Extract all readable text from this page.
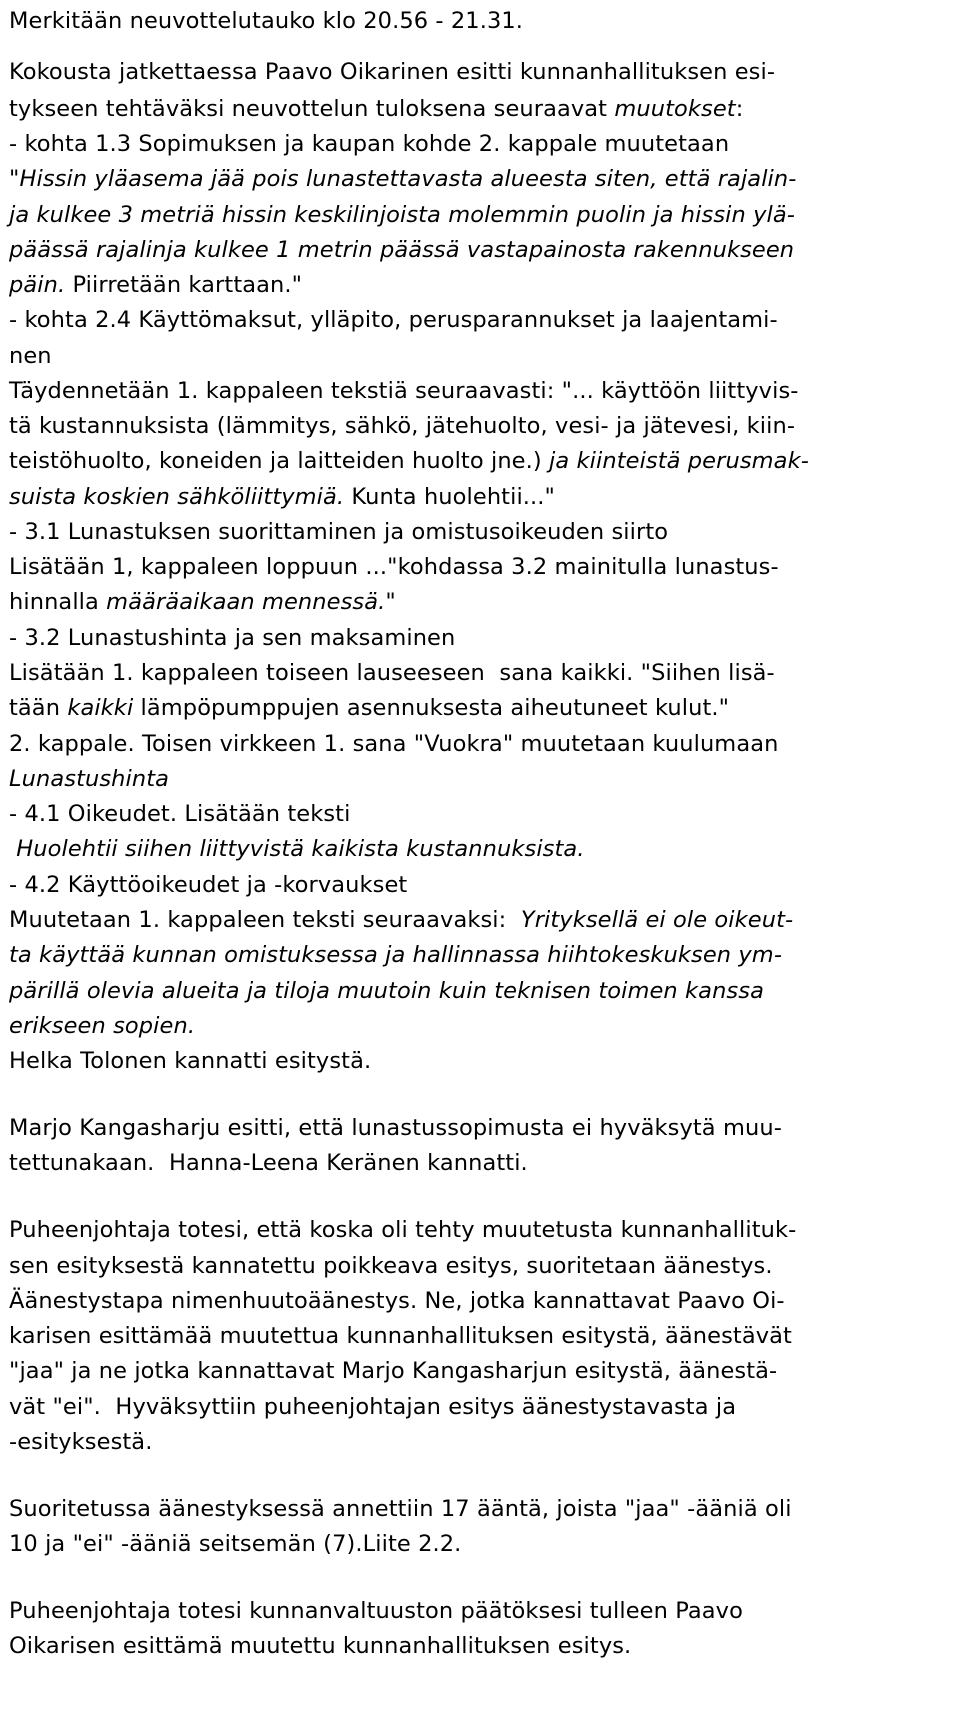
Merkitään neuvottelutauko klo 20.56 - 21.31.
Kokousta jatkettaessa Paavo Oikarinen esitti kunnanhallituksen esi-
tykseen tehtäväksi neuvottelun tuloksena seuraavat muutokset:
- kohta 1.3 Sopimuksen ja kaupan kohde 2. kappale muutetaan
"Hissin yläasema jää pois lunastettavasta alueesta siten, että rajalin-
ja kulkee 3 metriä hissin keskilinjoista molemmin puolin ja hissin ylä-
päässä rajalinja kulkee 1 metrin päässä vastapainosta rakennukseen
päin. Piirretään karttaan."
- kohta 2.4 Käyttömaksut, ylläpito, perusparannukset ja laajentami-
nen
Täydennetään 1. kappaleen tekstiä seuraavasti: "... käyttöön liittyvis-
tä kustannuksista (lämmitys, sähkö, jätehuolto, vesi- ja jätevesi, kiin-
teistöhuolto, koneiden ja laitteiden huolto jne.) ja kiinteistä perusmak-
suista koskien sähköliittymiä. Kunta huolehtii..."
- 3.1 Lunastuksen suorittaminen ja omistusoikeuden siirto
Lisätään 1, kappaleen loppuun ..."kohdassa 3.2 mainitulla lunastus-
hinnalla määräaikaan mennessä."
- 3.2 Lunastushinta ja sen maksaminen
Lisätään 1. kappaleen toiseen lauseeseen  sana kaikki. "Siihen lisä-
tään kaikki lämpöpumppujen asennuksesta aiheutuneet kulut."
2. kappale. Toisen virkkeen 1. sana "Vuokra" muutetaan kuulumaan
Lunastushinta
- 4.1 Oikeudet. Lisätään teksti
Huolehtii siihen liittyvistä kaikista kustannuksista.
- 4.2 Käyttöoikeudet ja -korvaukset
Muutetaan 1. kappaleen teksti seuraavaksi:  Yrityksellä ei ole oikeut-
ta käyttää kunnan omistuksessa ja hallinnassa hiihtokeskuksen ym-
pärillä olevia alueita ja tiloja muutoin kuin teknisen toimen kanssa
erikseen sopien.
Helka Tolonen kannatti esitystä.
Marjo Kangasharju esitti, että lunastussopimusta ei hyväksytä muu-
tettunakaan.  Hanna-Leena Keränen kannatti.
Puheenjohtaja totesi, että koska oli tehty muutetusta kunnanhallituk-
sen esityksestä kannatettu poikkeava esitys, suoritetaan äänestys.
Äänestystapa nimenhuutoäänestys. Ne, jotka kannattavat Paavo Oi-
karisen esittämää muutettua kunnanhallituksen esitystä, äänestävät
"jaa" ja ne jotka kannattavat Marjo Kangasharjun esitystä, äänestä-
vät "ei".  Hyväksyttiin puheenjohtajan esitys äänestystavasta ja
-esityksestä.
Suoritetussa äänestyksessä annettiin 17 ääntä, joista "jaa" -ääniä oli
10 ja "ei" -ääniä seitsemän (7).Liite 2.2.
Puheenjohtaja totesi kunnanvaltuuston päätöksesi tulleen Paavo
Oikarisen esittämä muutettu kunnanhallituksen esitys.
